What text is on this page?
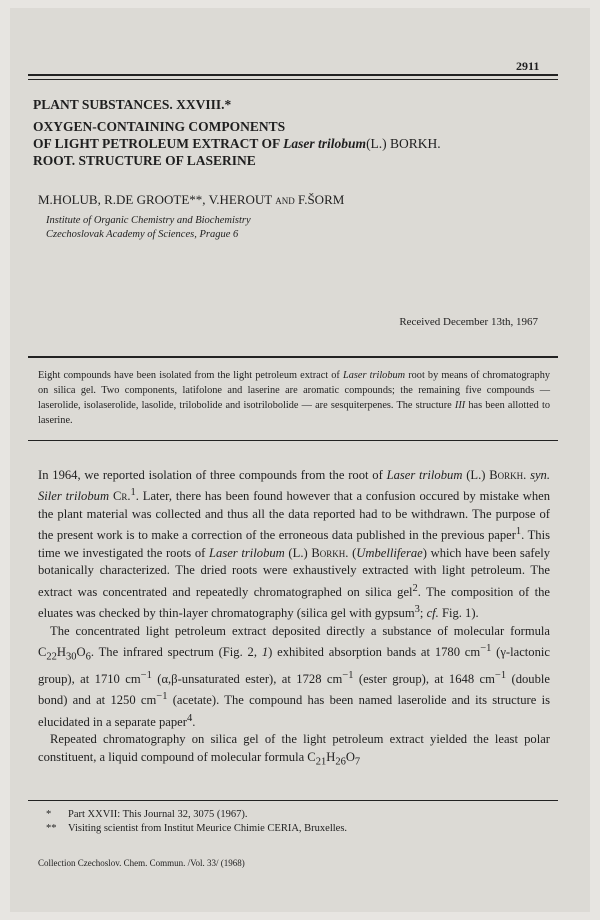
2911
PLANT SUBSTANCES. XXVIII.*
OXYGEN-CONTAINING COMPONENTS
OF LIGHT PETROLEUM EXTRACT OF Laser trilobum(L.) BORKH.
ROOT. STRUCTURE OF LASERINE
M.HOLUB, R.DE GROOTE**, V.HEROUT and F.ŠORM
Institute of Organic Chemistry and Biochemistry
Czechoslovak Academy of Sciences, Prague 6
Received December 13th, 1967
Eight compounds have been isolated from the light petroleum extract of Laser trilobum root by means of chromatography on silica gel. Two components, latifolone and laserine are aromatic compounds; the remaining five compounds — laserolide, isolaserolide, lasolide, trilobolide and isotrilobolide — are sesquiterpenes. The structure III has been allotted to laserine.

In 1964, we reported isolation of three compounds from the root of Laser trilobum (L.) Borkh. syn. Siler trilobum Cr.$^1$. Later, there has been found however that a confusion occured by mistake when the plant material was collected and thus all the data reported had to be withdrawn. The purpose of the present work is to make a correction of the erroneous data published in the previous paper$^1$. This time we investigated the roots of Laser trilobum (L.) Borkh. (Umbelliferae) which have been safely botanically characterized. The dried roots were exhaustively extracted with light petroleum. The extract was concentrated and repeatedly chromatographed on silica gel$^2$. The composition of the eluates was checked by thin-layer chromatography (silica gel with gypsum$^3$; cf. Fig. 1).

The concentrated light petroleum extract deposited directly a substance of molecular formula $C_{22}H_{30}O_6$. The infrared spectrum (Fig. 2, 1) exhibited absorption bands at 1780 $cm^{-1}$ (γ-lactonic group), at 1710 $cm^{-1}$ (α,β-unsaturated ester), at 1728 $cm^{-1}$ (ester group), at 1648 $cm^{-1}$ (double bond) and at 1250 $cm^{-1}$ (acetate). The compound has been named laserolide and its structure is elucidated in a separate paper$^4$.

Repeated chromatography on silica gel of the light petroleum extract yielded the least polar constituent, a liquid compound of molecular formula $C_{21}H_{26}O_7$

* Part XXVII: This Journal 32, 3075 (1967).
** Visiting scientist from Institut Meurice Chimie CERIA, Bruxelles.
Collection Czechoslov. Chem. Commun. /Vol. 33/ (1968)
